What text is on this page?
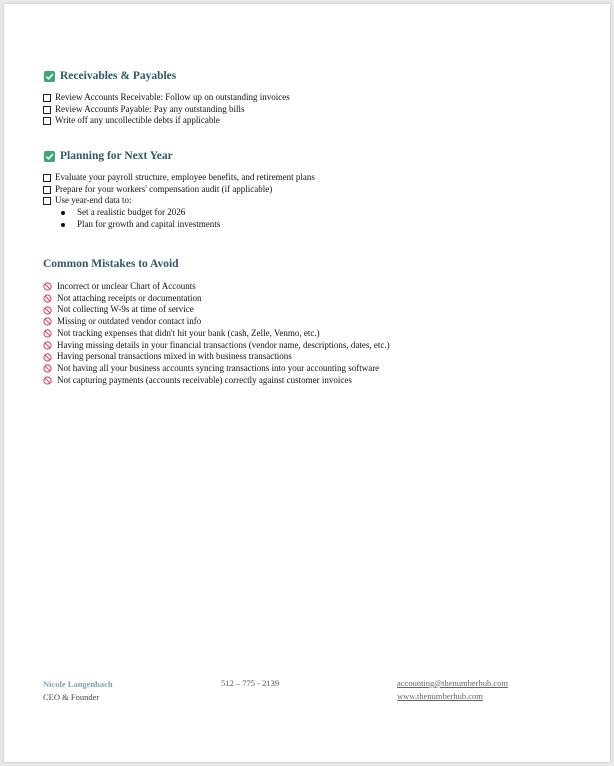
Receivables & Payables
Review Accounts Receivable: Follow up on outstanding invoices
Review Accounts Payable: Pay any outstanding bills
Write off any uncollectible debts if applicable
Planning for Next Year
Evaluate your payroll structure, employee benefits, and retirement plans
Prepare for your workers' compensation audit (if applicable)
Use year-end data to:
Set a realistic budget for 2026
Plan for growth and capital investments
Common Mistakes to Avoid
Incorrect or unclear Chart of Accounts
Not attaching receipts or documentation
Not collecting W-9s at time of service
Missing or outdated vendor contact info
Not tracking expenses that didn't hit your bank (cash, Zelle, Venmo, etc.)
Having missing details in your financial transactions (vendor name, descriptions, dates, etc.)
Having personal transactions mixed in with business transactions
Not having all your business accounts syncing transactions into your accounting software
Not capturing payments (accounts receivable) correctly against customer invoices
Nicole Langenbach
CEO & Founder
512 – 775 - 2139	accounting@thenumberhub.com
www.thenumberhub.com
